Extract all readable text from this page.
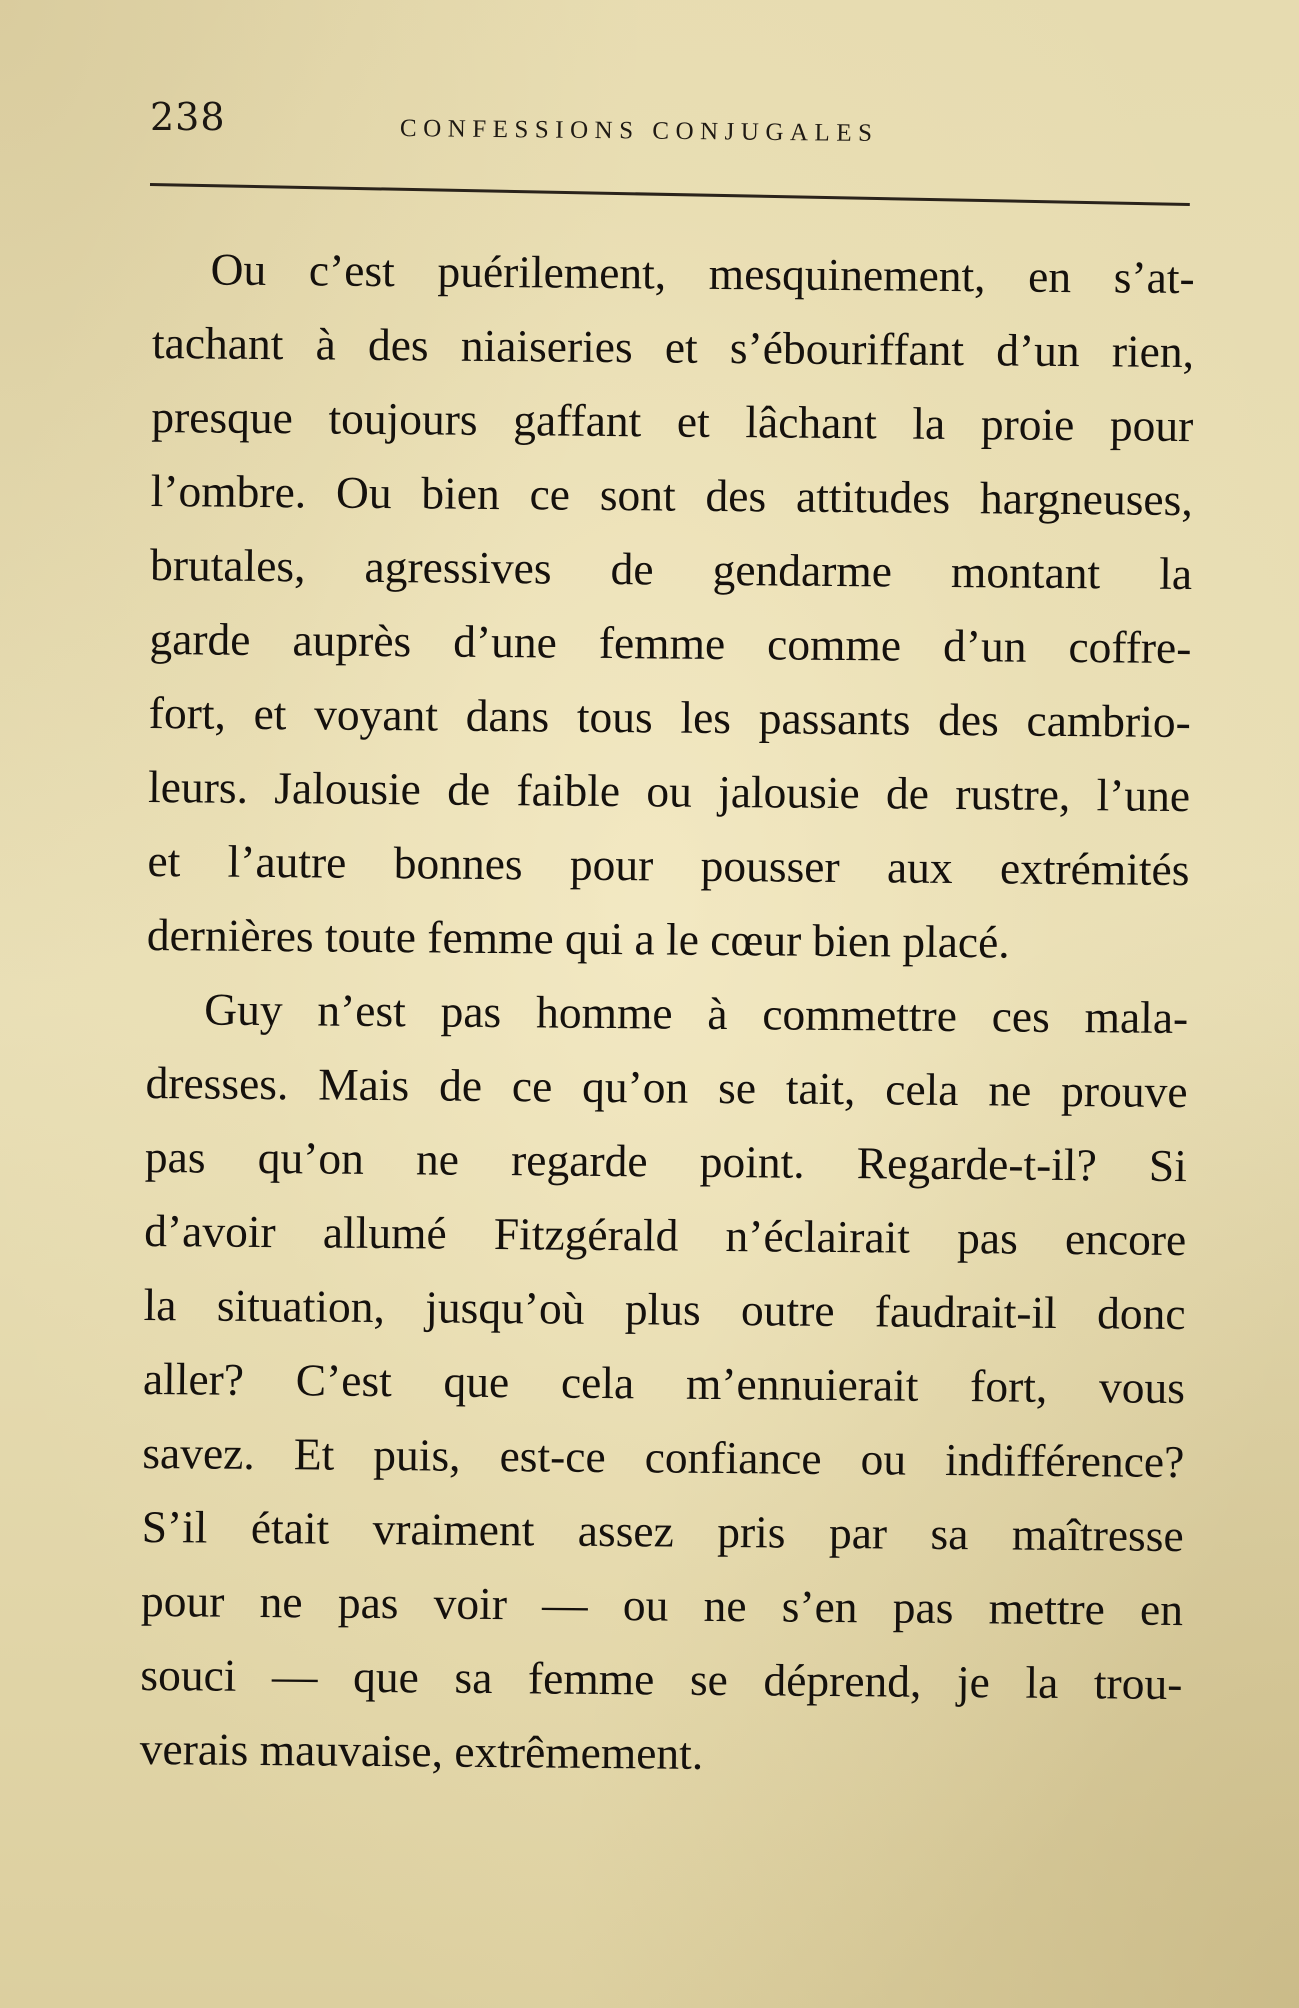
238	CONFESSIONS CONJUGALES
Ou c’est puérilement, mesquinement, en s’at-
tachant à des niaiseries et s’ébouriffant d’un rien,
presque toujours gaffant et lâchant la proie pour
l’ombre. Ou bien ce sont des attitudes hargneuses,
brutales, agressives de gendarme montant la
garde auprès d’une femme comme d’un coffre-
fort, et voyant dans tous les passants des cambrio-
leurs. Jalousie de faible ou jalousie de rustre, l’une
et l’autre bonnes pour pousser aux extrémités
dernières toute femme qui a le cœur bien placé.
Guy n’est pas homme à commettre ces mala-
dresses. Mais de ce qu’on se tait, cela ne prouve
pas qu’on ne regarde point. Regarde-t-il? Si
d’avoir allumé Fitzgérald n’éclairait pas encore
la situation, jusqu’où plus outre faudrait-il donc
aller? C’est que cela m’ennuierait fort, vous
savez. Et puis, est-ce confiance ou indifférence?
S’il était vraiment assez pris par sa maîtresse
pour ne pas voir — ou ne s’en pas mettre en
souci — que sa femme se déprend, je la trou-
verais mauvaise, extrêmement.
